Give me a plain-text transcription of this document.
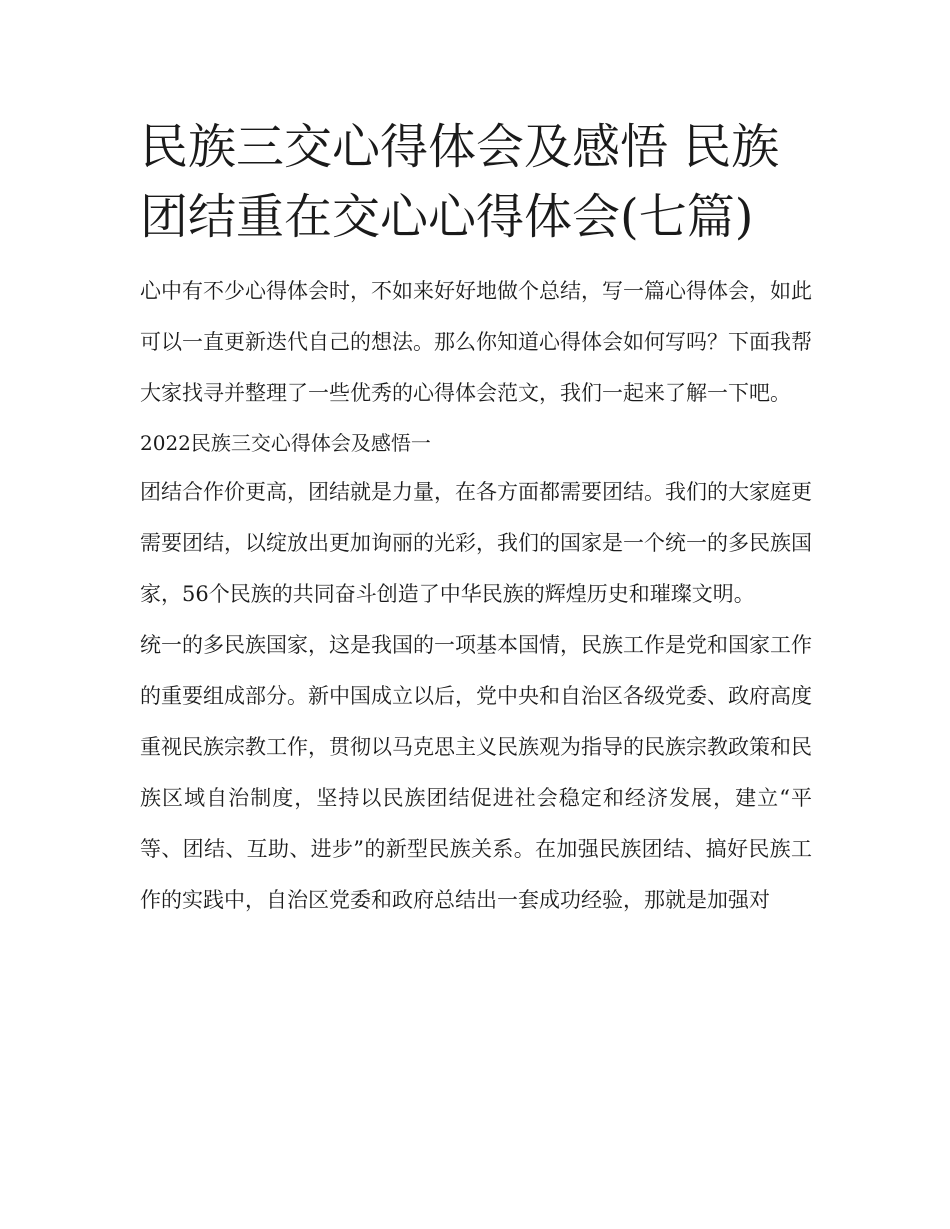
民族三交心得体会及感悟 民族团结重在交心心得体会(七篇)

心中有不少心得体会时，不如来好好地做个总结，写一篇心得体会，如此可以一直更新迭代自己的想法。那么你知道心得体会如何写吗？下面我帮大家找寻并整理了一些优秀的心得体会范文，我们一起来了解一下吧。

2022民族三交心得体会及感悟一

团结合作价更高，团结就是力量，在各方面都需要团结。我们的大家庭更需要团结，以绽放出更加询丽的光彩，我们的国家是一个统一的多民族国家，56个民族的共同奋斗创造了中华民族的辉煌历史和璀璨文明。

统一的多民族国家，这是我国的一项基本国情，民族工作是党和国家工作的重要组成部分。新中国成立以后，党中央和自治区各级党委、政府高度重视民族宗教工作，贯彻以马克思主义民族观为指导的民族宗教政策和民族区域自治制度，坚持以民族团结促进社会稳定和经济发展，建立“平等、团结、互助、进步”的新型民族关系。在加强民族团结、搞好民族工作的实践中，自治区党委和政府总结出一套成功经验，那就是加强对
